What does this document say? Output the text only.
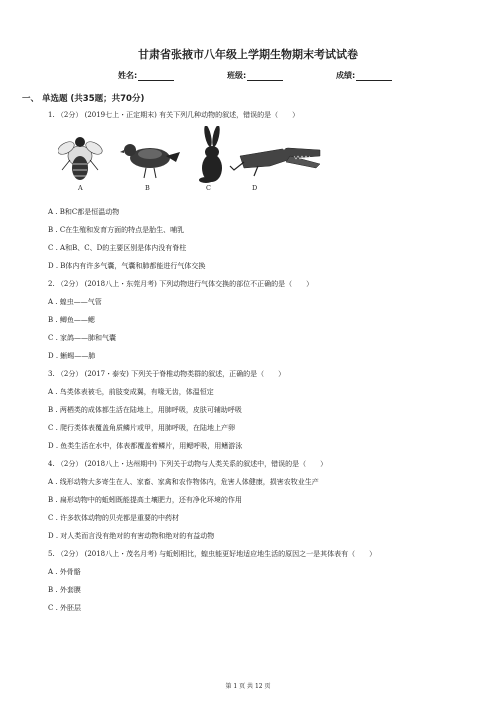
甘肃省张掖市八年级上学期生物期末考试试卷
姓名:	班级:	成绩:
一、 单选题 (共35题；共70分)
1. （2分） (2019七上・正定期末) 有关下列几种动物的叙述，错误的是（　　）
A	B	C	D
A . B和C都是恒温动物
B . C在生殖和发育方面的特点是胎生、哺乳
C . A和B、C、D的主要区别是体内没有脊柱
D . B体内有许多气囊，气囊和肺都能进行气体交换
2. （2分） (2018八上・东莞月考) 下列动物进行气体交换的部位不正确的是（　　）
A . 蝗虫——气管
B . 鲫鱼——鳃
C . 家鸽——肺和气囊
D . 蜥蜴——肺
3. （2分） (2017・泰安) 下列关于脊椎动物类群的叙述，正确的是（　　）
A . 鸟类体表被毛，前肢变成翼，有喙无齿，体温恒定
B . 两栖类的成体都生活在陆地上，用肺呼吸，皮肤可辅助呼吸
C . 爬行类体表覆盖角质鳞片或甲，用肺呼吸，在陆地上产卵
D . 鱼类生活在水中，体表都覆盖着鳞片，用鳃呼吸，用鳍游泳
4. （2分） (2018八上・达州期中) 下列关于动物与人类关系的叙述中，错误的是（　　）
A . 线形动物大多寄生在人、家畜、家禽和农作物体内，危害人体健康，损害农牧业生产
B . 扁形动物中的蚯蚓既能提高土壤肥力，还有净化环境的作用
C . 许多软体动物的贝壳都是重要的中药材
D . 对人类而言没有绝对的有害动物和绝对的有益动物
5. （2分） (2018八上・茂名月考) 与蚯蚓相比，蝗虫能更好地适应地生活的原因之一是其体表有（　　）
A . 外骨骼
B . 外套膜
C . 外胚层
第 1 页 共 12 页
